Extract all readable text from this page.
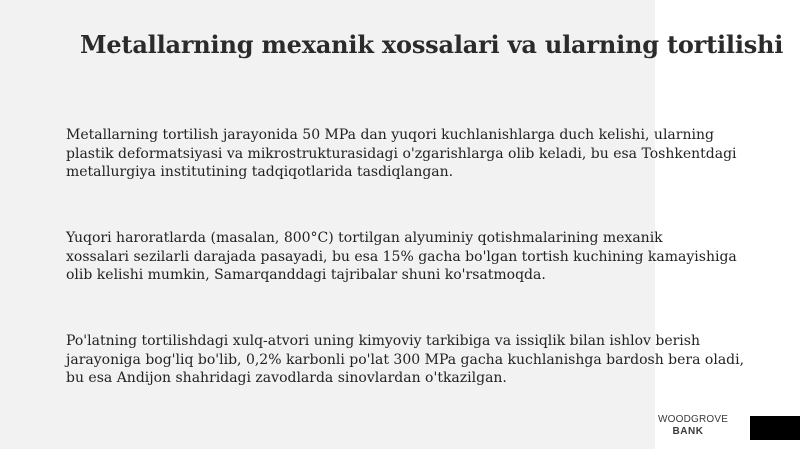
Metallarning mexanik xossalari va ularning tortilishi

Metallarning tortilish jarayonida 50 MPa dan yuqori kuchlanishlarga duch kelishi, ularning
plastik deformatsiyasi va mikrostrukturasidagi o'zgarishlarga olib keladi, bu esa Toshkentdagi
metallurgiya institutining tadqiqotlarida tasdiqlangan.

Yuqori haroratlarda (masalan, 800°C) tortilgan alyuminiy qotishmalarining mexanik
xossalari sezilarli darajada pasayadi, bu esa 15% gacha bo'lgan tortish kuchining kamayishiga
olib kelishi mumkin, Samarqanddagi tajribalar shuni ko'rsatmoqda.

Po'latning tortilishdagi xulq-atvori uning kimyoviy tarkibiga va issiqlik bilan ishlov berish
jarayoniga bog'liq bo'lib, 0,2% karbonli po'lat 300 MPa gacha kuchlanishga bardosh bera oladi,
bu esa Andijon shahridagi zavodlarda sinovlardan o'tkazilgan.

WOODGROVE
BANK
